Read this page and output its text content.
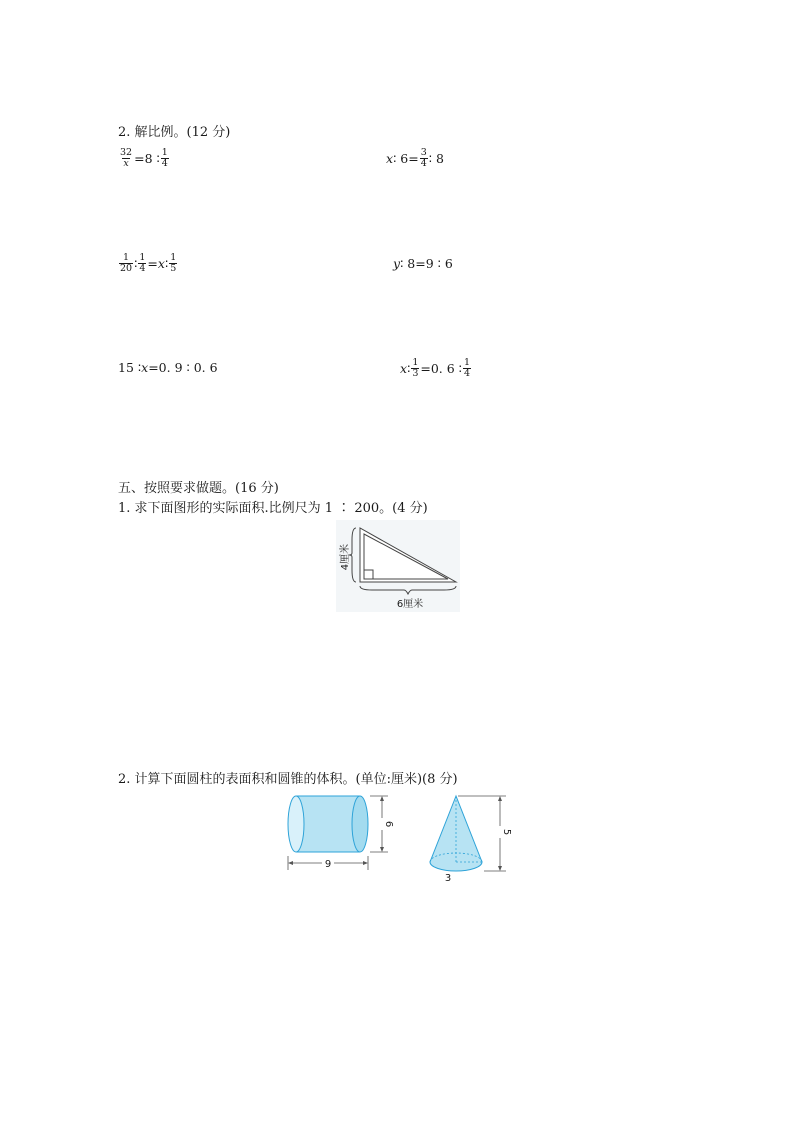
2. 解比例。(12 分)
$\frac{32}{x} =8$ ∶ $\frac{1}{4}$	x ∶ $6= \frac{3}{4}$ ∶ 8
$\frac{1}{20}$ ∶ $\frac{1}{4} = x$ ∶ $\frac{1}{5}$	y ∶ 8=9 ∶ 6
15 ∶ x =0. 9 ∶ 0. 6	x ∶ $\frac{1}{3} =0$. 6 ∶ $\frac{1}{4}$
五、按照要求做题。(16 分)
1. 求下面图形的实际面积.比例尺为 1 ∶ 200。(4 分)
4厘米
6厘米
2. 计算下面圆柱的表面积和圆锥的体积。(单位:厘米)(8 分)
9
6
5
3
